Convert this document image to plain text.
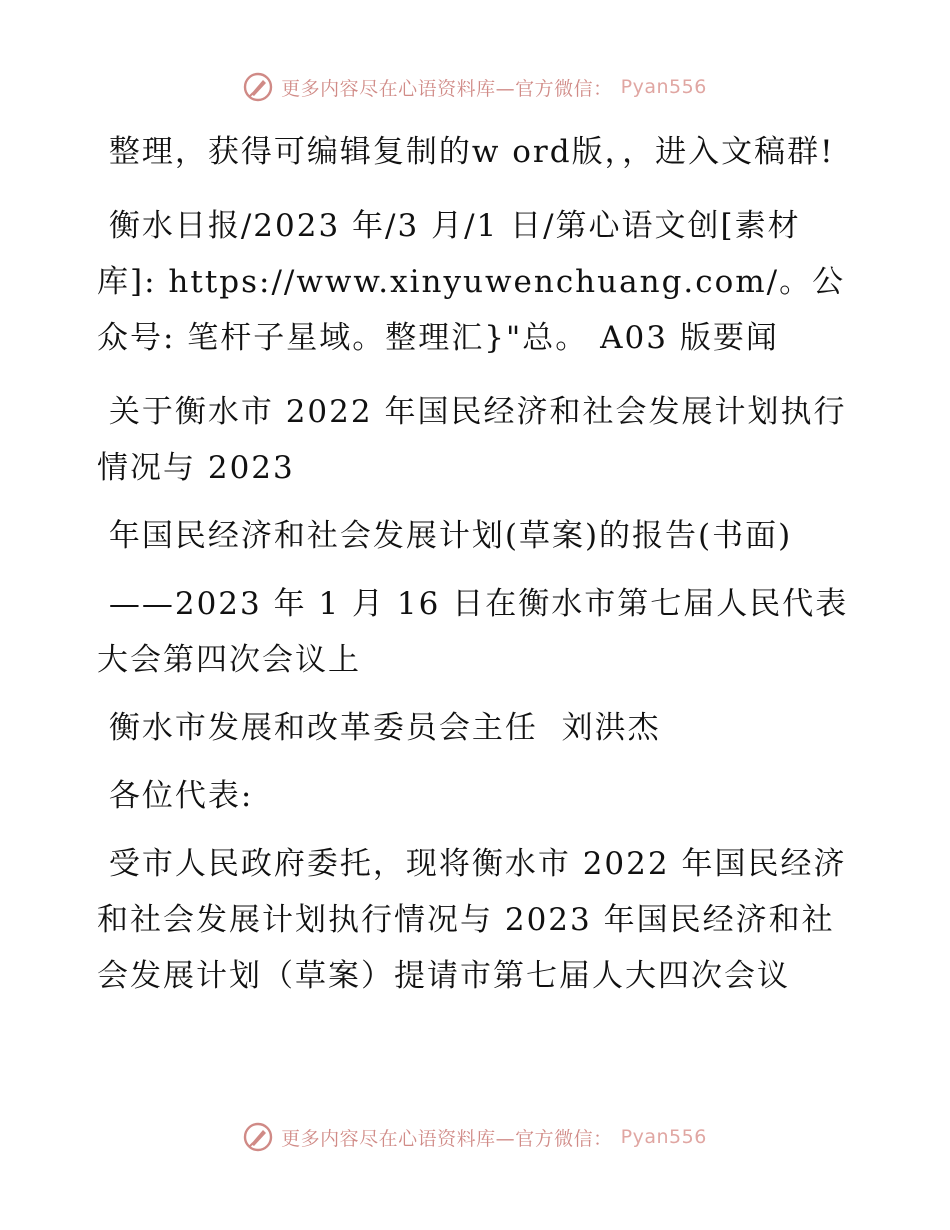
更多内容尽在心语资料库—官方微信： Pyan556

整理，获得可编辑复制的w ord版，，进入文稿群!

衡水日报/2023 年/3 月/1 日/第心语文创[素材库]: https://www.xinyuwenchuang.com/。公众号: 笔杆子星域。整理汇}"总。 A03 版要闻

关于衡水市 2022 年国民经济和社会发展计划执行情况与 2023

年国民经济和社会发展计划(草案)的报告(书面)

——2023 年 1 月 16 日在衡水市第七届人民代表大会第四次会议上

衡水市发展和改革委员会主任  刘洪杰

各位代表:

受市人民政府委托，现将衡水市 2022 年国民经济和社会发展计划执行情况与 2023 年国民经济和社会发展计划（草案）提请市第七届人大四次会议

更多内容尽在心语资料库—官方微信： Pyan556
